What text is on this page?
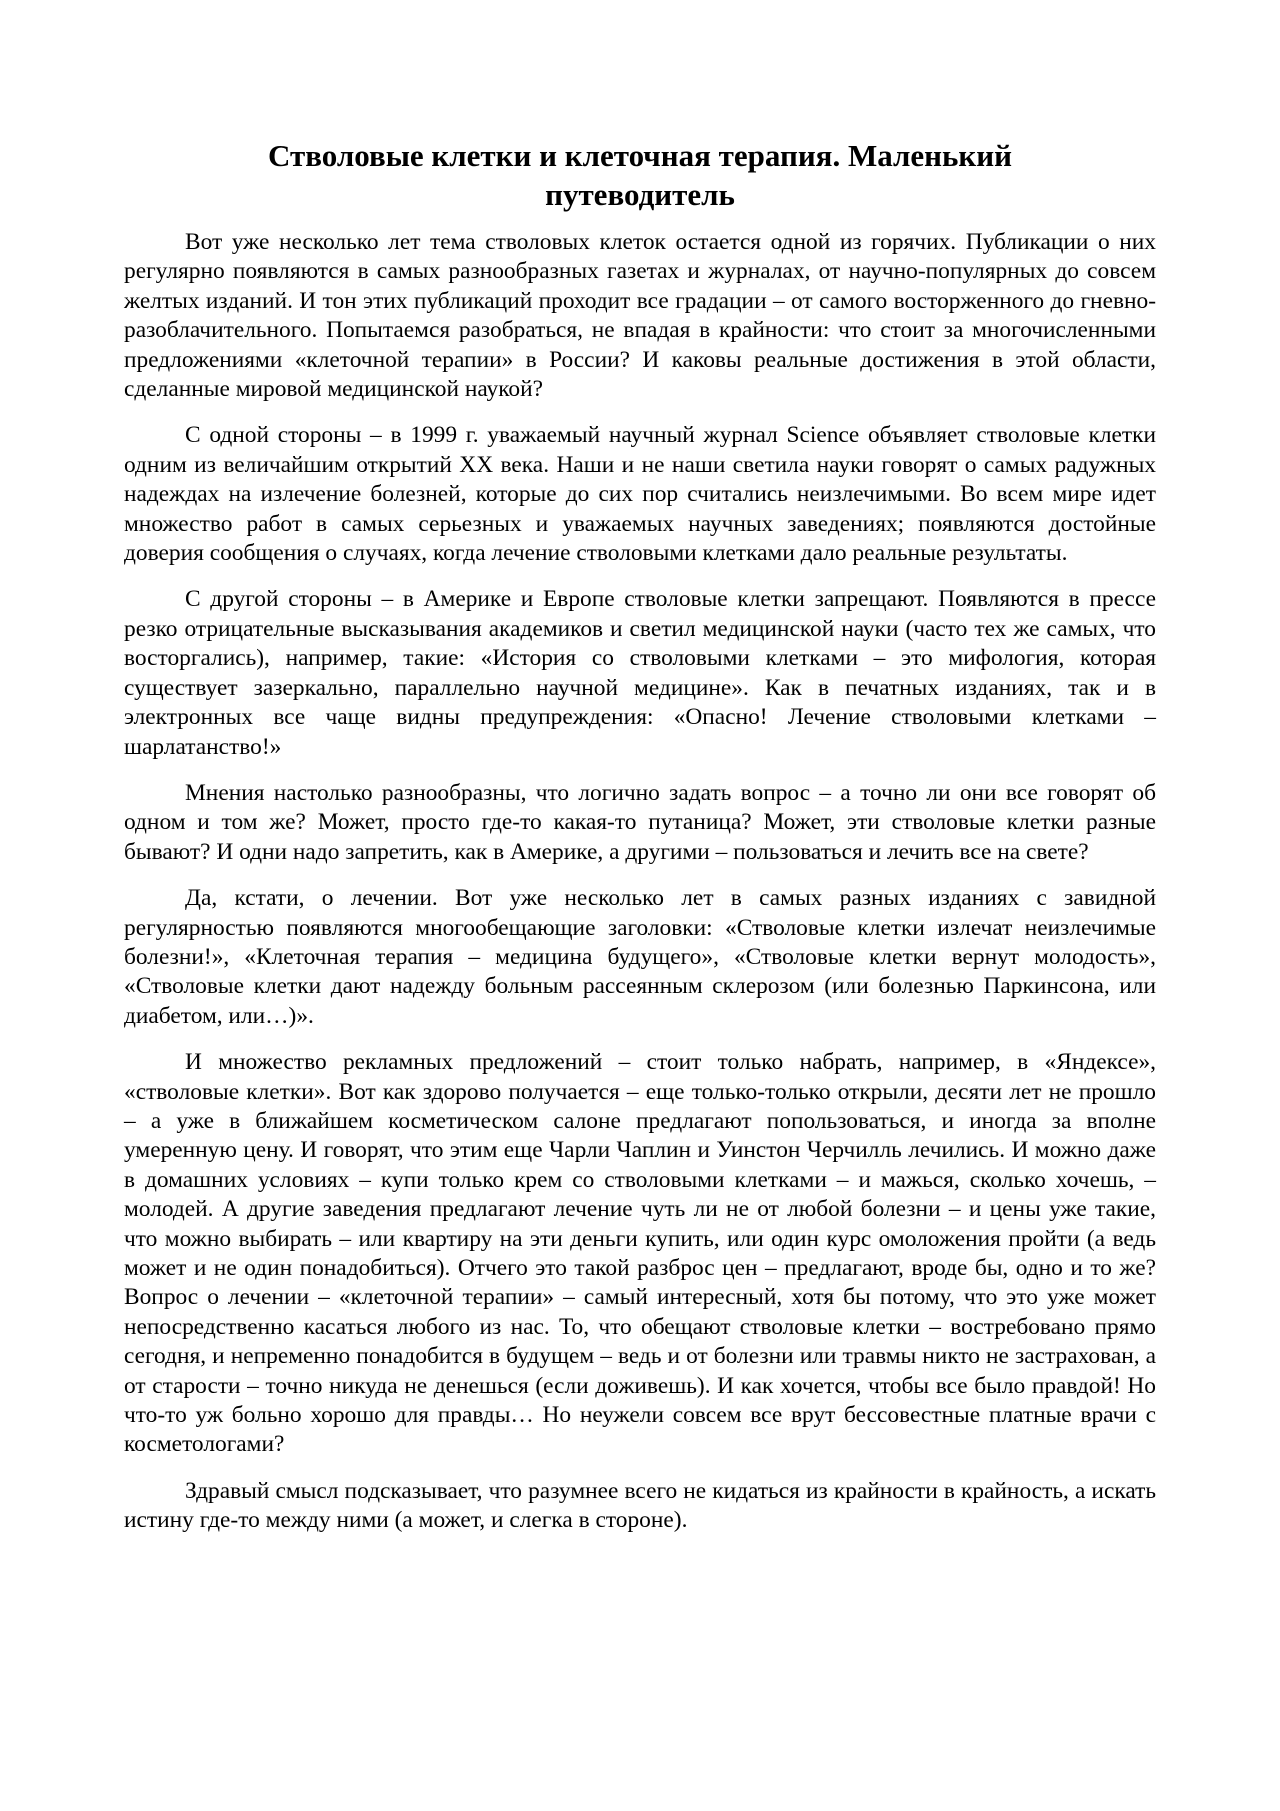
Стволовые клетки и клеточная терапия. Маленький
путеводитель

Вот уже несколько лет тема стволовых клеток остается одной из горячих. Публикации о них регулярно появляются в самых разнообразных газетах и журналах, от научно-популярных до совсем желтых изданий. И тон этих публикаций проходит все градации – от самого восторженного до гневно-разоблачительного. Попытаемся разобраться, не впадая в крайности: что стоит за многочисленными предложениями «клеточной терапии» в России? И каковы реальные достижения в этой области, сделанные мировой медицинской наукой?

С одной стороны – в 1999 г. уважаемый научный журнал Science объявляет стволовые клетки одним из величайшим открытий XX века. Наши и не наши светила науки говорят о самых радужных надеждах на излечение болезней, которые до сих пор считались неизлечимыми. Во всем мире идет множество работ в самых серьезных и уважаемых научных заведениях; появляются достойные доверия сообщения о случаях, когда лечение стволовыми клетками дало реальные результаты.

С другой стороны – в Америке и Европе стволовые клетки запрещают. Появляются в прессе резко отрицательные высказывания академиков и светил медицинской науки (часто тех же самых, что восторгались), например, такие: «История со стволовыми клетками – это мифология, которая существует зазеркально, параллельно научной медицине». Как в печатных изданиях, так и в электронных все чаще видны предупреждения: «Опасно! Лечение стволовыми клетками – шарлатанство!»

Мнения настолько разнообразны, что логично задать вопрос – а точно ли они все говорят об одном и том же? Может, просто где-то какая-то путаница? Может, эти стволовые клетки разные бывают? И одни надо запретить, как в Америке, а другими – пользоваться и лечить все на свете?

Да, кстати, о лечении. Вот уже несколько лет в самых разных изданиях с завидной регулярностью появляются многообещающие заголовки: «Стволовые клетки излечат неизлечимые болезни!», «Клеточная терапия – медицина будущего», «Стволовые клетки вернут молодость», «Стволовые клетки дают надежду больным рассеянным склерозом (или болезнью Паркинсона, или диабетом, или…)».

И множество рекламных предложений – стоит только набрать, например, в «Яндексе», «стволовые клетки». Вот как здорово получается – еще только-только открыли, десяти лет не прошло – а уже в ближайшем косметическом салоне предлагают попользоваться, и иногда за вполне умеренную цену. И говорят, что этим еще Чарли Чаплин и Уинстон Черчилль лечились. И можно даже в домашних условиях – купи только крем со стволовыми клетками – и мажься, сколько хочешь, – молодей. А другие заведения предлагают лечение чуть ли не от любой болезни – и цены уже такие, что можно выбирать – или квартиру на эти деньги купить, или один курс омоложения пройти (а ведь может и не один понадобиться). Отчего это такой разброс цен – предлагают, вроде бы, одно и то же? Вопрос о лечении – «клеточной терапии» – самый интересный, хотя бы потому, что это уже может непосредственно касаться любого из нас. То, что обещают стволовые клетки – востребовано прямо сегодня, и непременно понадобится в будущем – ведь и от болезни или травмы никто не застрахован, а от старости – точно никуда не денешься (если доживешь). И как хочется, чтобы все было правдой! Но что-то уж больно хорошо для правды… Но неужели совсем все врут бессовестные платные врачи с косметологами?

Здравый смысл подсказывает, что разумнее всего не кидаться из крайности в крайность, а искать истину где-то между ними (а может, и слегка в стороне).
